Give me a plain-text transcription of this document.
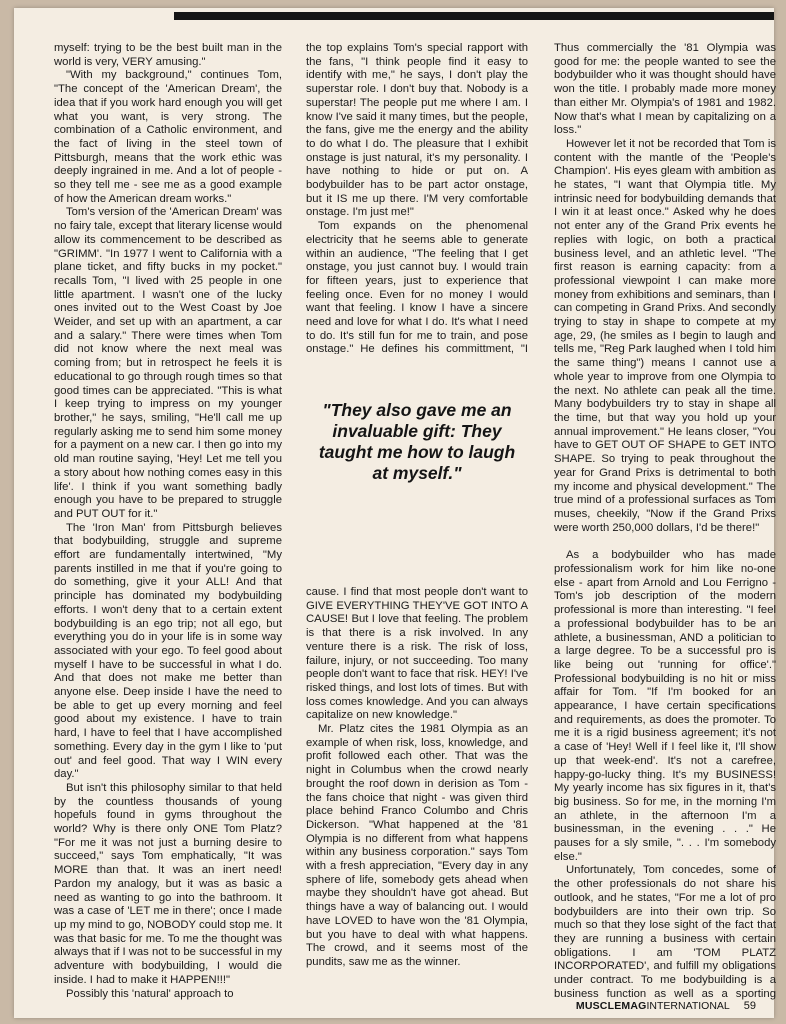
myself: trying to be the best built man in the world is very, VERY amusing."

"With my background," continues Tom, "The concept of the 'American Dream', the idea that if you work hard enough you will get what you want, is very strong. The combination of a Catholic environment, and the fact of living in the steel town of Pittsburgh, means that the work ethic was deeply ingrained in me. And a lot of people - so they tell me - see me as a good example of how the American dream works."

Tom's version of the 'American Dream' was no fairy tale, except that literary license would allow its commencement to be described as "GRIMM'. "In 1977 I went to California with a plane ticket, and fifty bucks in my pocket." recalls Tom, "I lived with 25 people in one little apartment. I wasn't one of the lucky ones invited out to the West Coast by Joe Weider, and set up with an apartment, a car and a salary." There were times when Tom did not know where the next meal was coming from; but in retrospect he feels it is educational to go through rough times so that good times can be appreciated. "This is what I keep trying to impress on my younger brother," he says, smiling, "He'll call me up regularly asking me to send him some money for a payment on a new car. I then go into my old man routine saying, 'Hey! Let me tell you a story about how nothing comes easy in this life'. I think if you want something badly enough you have to be prepared to struggle and PUT OUT for it."

The 'Iron Man' from Pittsburgh believes that bodybuilding, struggle and supreme effort are fundamentally intertwined, "My parents instilled in me that if you're going to do something, give it your ALL! And that principle has dominated my bodybuilding efforts. I won't deny that to a certain extent bodybuilding is an ego trip; not all ego, but everything you do in your life is in some way associated with your ego. To feel good about myself I have to be successful in what I do. And that does not make me better than anyone else. Deep inside I have the need to be able to get up every morning and feel good about my existence. I have to train hard, I have to feel that I have accomplished something. Every day in the gym I like to 'put out' and feel good. That way I WIN every day."

But isn't this philosophy similar to that held by the countless thousands of young hopefuls found in gyms throughout the world? Why is there only ONE Tom Platz? "For me it was not just a burning desire to succeed," says Tom emphatically, "It was MORE than that. It was an inert need! Pardon my analogy, but it was as basic a need as wanting to go into the bathroom. It was a case of 'LET me in there'; once I made up my mind to go, NOBODY could stop me. It was that basic for me. To me the thought was always that if I was not to be successful in my adventure with bodybuilding, I would die inside. I had to make it HAPPEN!!!"

Possibly this 'natural' approach to

the top explains Tom's special rapport with the fans, "I think people find it easy to identify with me," he says, I don't play the superstar role. I don't buy that. Nobody is a superstar! The people put me where I am. I know I've said it many times, but the people, the fans, give me the energy and the ability to do what I do. The pleasure that I exhibit onstage is just natural, it's my personality. I have nothing to hide or put on. A bodybuilder has to be part actor onstage, but it IS me up there. I'M very comfortable onstage. I'm just me!"

Tom expands on the phenomenal electricity that he seems able to generate within an audience, "The feeling that I get onstage, you just cannot buy. I would train for fifteen years, just to experience that feeling once. Even for no money I would want that feeling. I know I have a sincere need and love for what I do. It's what I need to do. It's still fun for me to train, and pose onstage." He defines his committment, "I

"They also gave me an invaluable gift: They taught me how to laugh at myself."

cause. I find that most people don't want to GIVE EVERYTHING THEY'VE GOT INTO A CAUSE! But I love that feeling. The problem is that there is a risk involved. In any venture there is a risk. The risk of loss, failure, injury, or not succeeding. Too many people don't want to face that risk. HEY! I've risked things, and lost lots of times. But with loss comes knowledge. And you can always capitalize on new knowledge."

Mr. Platz cites the 1981 Olympia as an example of when risk, loss, knowledge, and profit followed each other. That was the night in Columbus when the crowd nearly brought the roof down in derision as Tom - the fans choice that night - was given third place behind Franco Columbo and Chris Dickerson. "What happened at the '81 Olympia is no different from what happens within any business corporation." says Tom with a fresh appreciation, "Every day in any sphere of life, somebody gets ahead when maybe they shouldn't have got ahead. But things have a way of balancing out. I would have LOVED to have won the '81 Olympia, but you have to deal with what happens. The crowd, and it seems most of the pundits, saw me as the winner.

Thus commercially the '81 Olympia was good for me: the people wanted to see the bodybuilder who it was thought should have won the title. I probably made more money than either Mr. Olympia's of 1981 and 1982. Now that's what I mean by capitalizing on a loss."

However let it not be recorded that Tom is content with the mantle of the 'People's Champion'. His eyes gleam with ambition as he states, "I want that Olympia title. My intrinsic need for bodybuilding demands that I win it at least once." Asked why he does not enter any of the Grand Prix events he replies with logic, on both a practical business level, and an athletic level. "The first reason is earning capacity: from a professional viewpoint I can make more money from exhibitions and seminars, than I can competing in Grand Prixs. And secondly trying to stay in shape to compete at my age, 29, (he smiles as I begin to laugh and tells me, "Reg Park laughed when I told him the same thing") means I cannot use a whole year to improve from one Olympia to the next. No athlete can peak all the time. Many bodybuilders try to stay in shape all the time, but that way you hold up your annual improvement." He leans closer, "You have to GET OUT OF SHAPE to GET INTO SHAPE. So trying to peak throughout the year for Grand Prixs is detrimental to both my income and physical development." The true mind of a professional surfaces as Tom muses, cheekily, "Now if the Grand Prixs were worth 250,000 dollars, I'd be there!"

As a bodybuilder who has made professionalism work for him like no-one else - apart from Arnold and Lou Ferrigno - Tom's job description of the modern professional is more than interesting. "I feel a professional bodybuilder has to be an athlete, a businessman, AND a politician to a large degree. To be a successful pro is like being out 'running for office'." Professional bodybuilding is no hit or miss affair for Tom. "If I'm booked for an appearance, I have certain specifications and requirements, as does the promoter. To me it is a rigid business agreement; it's not a case of 'Hey! Well if I feel like it, I'll show up that week-end'. It's not a carefree, happy-go-lucky thing. It's my BUSINESS! My yearly income has six figures in it, that's big business. So for me, in the morning I'm an athlete, in the afternoon I'm a businessman, in the evening . . ." He pauses for a sly smile, ". . . I'm somebody else."

Unfortunately, Tom concedes, some of the other professionals do not share his outlook, and he states, "For me a lot of pro bodybuilders are into their own trip. So much so that they lose sight of the fact that they are running a business with certain obligations. I am 'TOM PLATZ INCORPORATED', and fulfill my obligations under contract. To me bodybuilding is a business function as well as a sporting

MUSCLEMAGINTERNATIONAL 59
